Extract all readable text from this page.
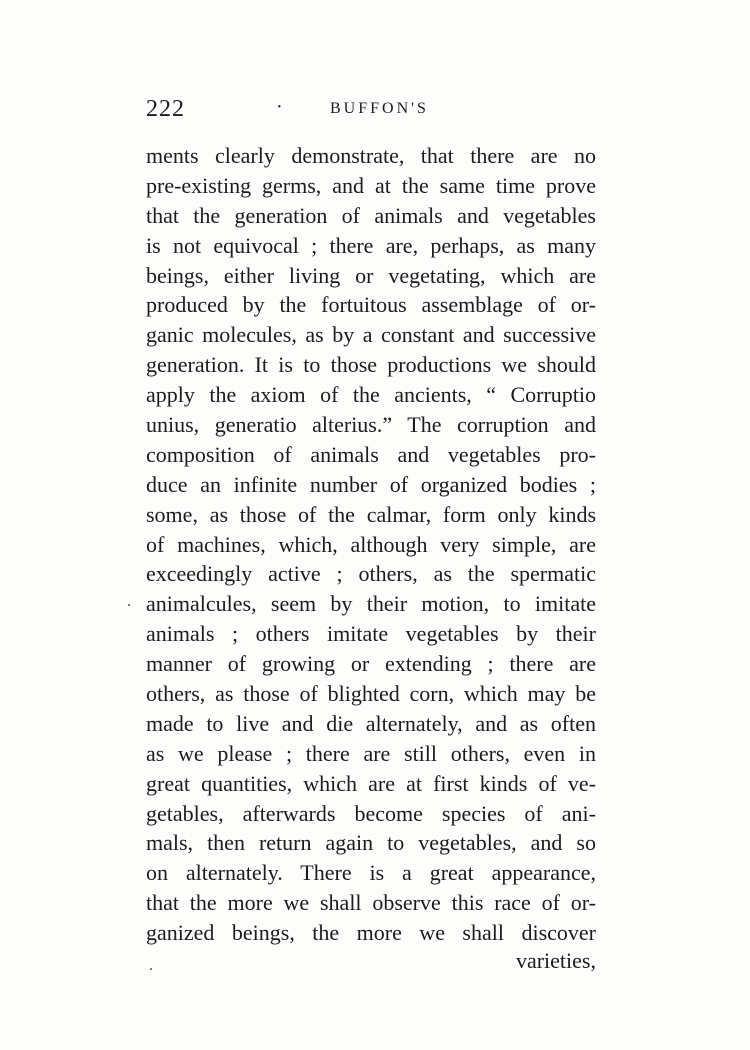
222	·	BUFFON'S
ments clearly demonstrate, that there are no
pre-existing germs, and at the same time prove
that the generation of animals and vegetables
is not equivocal ; there are, perhaps, as many
beings, either living or vegetating, which are
produced by the fortuitous assemblage of or-
ganic molecules, as by a constant and successive
generation. It is to those productions we should
apply the axiom of the ancients, “ Corruptio
unius, generatio alterius.” The corruption and
composition of animals and vegetables pro-
duce an infinite number of organized bodies ;
some, as those of the calmar, form only kinds
of machines, which, although very simple, are
exceedingly active ; others, as the spermatic
animalcules, seem by their motion, to imitate
animals ; others imitate vegetables by their
manner of growing or extending ; there are
others, as those of blighted corn, which may be
made to live and die alternately, and as often
as we please ; there are still others, even in
great quantities, which are at first kinds of ve-
getables, afterwards become species of ani-
mals, then return again to vegetables, and so
on alternately. There is a great appearance,
that the more we shall observe this race of or-
ganized beings, the more we shall discover
varieties,
